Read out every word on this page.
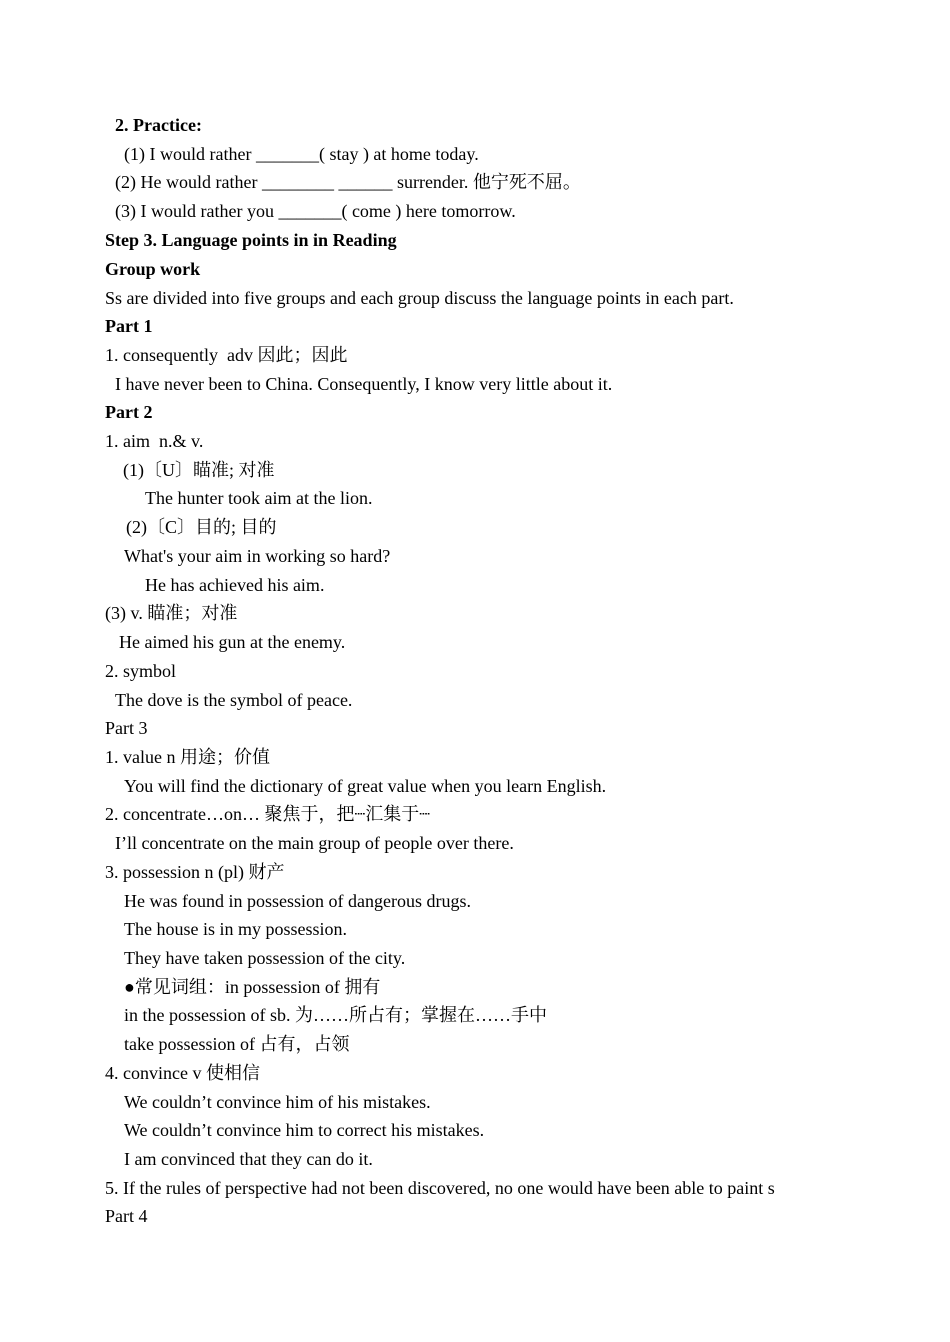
2. Practice:
(1) I would rather _______( stay ) at home today.
(2) He would rather ________ ______ surrender. 他宁死不屈。
(3) I would rather you _______( come ) here tomorrow.
Step 3. Language points in in Reading
Group work
Ss are divided into five groups and each group discuss the language points in each part.
Part 1
1. consequently  adv 因此；因此
I have never been to China. Consequently, I know very little about it.
Part 2
1. aim  n.& v.
(1)〔U〕瞄准; 对准
The hunter took aim at the lion.
(2)〔C〕目的; 目的
What's your aim in working so hard?
He has achieved his aim.
(3) v. 瞄准；对准
He aimed his gun at the enemy.
2. symbol
The dove is the symbol of peace.
Part 3
1. value n 用途；价值
You will find the dictionary of great value when you learn English.
2. concentrate…on… 聚焦于，把┈汇集于┈
I’ll concentrate on the main group of people over there.
3. possession n (pl) 财产
He was found in possession of dangerous drugs.
The house is in my possession.
They have taken possession of the city.
●常见词组：in possession of 拥有
in the possession of sb. 为……所占有；掌握在……手中
take possession of 占有，占领
4. convince v 使相信
We couldn’t convince him of his mistakes.
We couldn’t convince him to correct his mistakes.
I am convinced that they can do it.
5. If the rules of perspective had not been discovered, no one would have been able to paint s
Part 4
